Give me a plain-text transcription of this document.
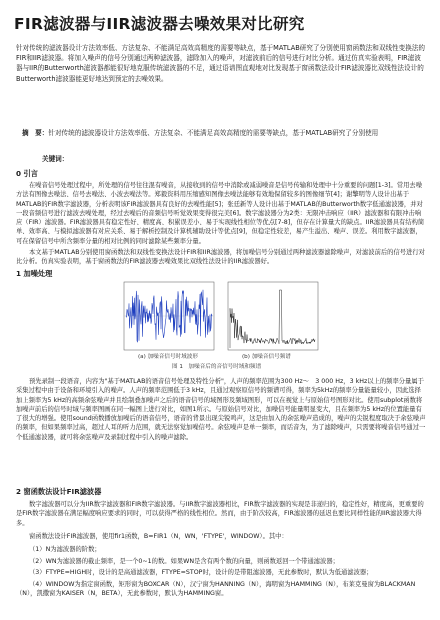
FIR滤波器与IIR滤波器去噪效果对比研究
针对传统的滤波器设计方法效率低、方法复杂、不能满足高效高精度的需要等缺点，基于MATLAB研究了分别使用窗函数法和双线性变换法的FIR和IIR滤波器。将加入噪声的信号分别通过两种滤波器，滤除加入的噪声，对滤波前后的信号进行对比分析。通过仿真实验表明，FIR滤波器与IIR的Butterworth滤波器都能很好地克服传统滤波器的不足，通过语谱图直观地对比发现基于窗函数法设计FIR滤波器比双线性法设计的Butterworth滤波器能更好地达到预定的去噪效果。
摘　要：针对传统的滤波器设计方法效率低、方法复杂、不能满足高效高精度的需要等缺点，基于MATLAB研究了分别使用
关键词：
0 引言
在噪音信号处理过程中，所处理的信号往往混有噪音，从接收到的信号中消除或减弱噪音是信号传输和处理中十分重要的问题[1-3]。常用去噪方法有图像去噪法、信号去噪法、小波去噪法等。郑毅资料用压缩感知图像去噪法能够有效地保留较多的图像细节[4]；谢擎明等人设计出基于MATLAB的FIR数字滤波器，分析表明该FIR滤波器具有良好的去噪性能[5]；张廷新等人设计出基于MATLAB的Butterworth数字低通滤波器，并对一段音频信号进行滤波去噪处理，经过去噪后的音频信号听觉效果变得很完美[6]。数字滤波器分为2类：无限冲击响应（IIR）滤波器和有限冲击响应（FIR）滤波器。FIR滤波器具有稳定性好、精度高、积累误差小、易于实现线性相位等优点[7-8]，但存在计算量大的缺点。IIR滤波器具有结构简单、效率高、与模拟滤波器有对应关系、易于解析控制及计算机辅助设计等优点[9]，但稳定性较差，易产生溢出、噪声、误差。利用数字滤波器，可在保留信号中所含频率分量的相对比例的同时滤除某些频率分量。
本文基于MATLAB分别使用窗函数法和双线性变换法设计FIR和IIR滤波器，将加噪信号分别通过两种滤波器滤除噪声，对滤波前后的信号进行对比分析。仿真实验表明，基于窗函数法的FIR滤波器去噪效果比双线性法设计的IIR滤波器好。
1 加噪处理
(a) 加噪音信号时域波形	(b) 加噪音信号频谱
图 1　加噪音后的音信号时域和频谱
预先录制一段语音，内容为"基于MATLAB的语音信号处理及特性分析"，人声的频率范围为300 Hz～　3 000 Hz，3 kHz以上的频率分量属于采集过程中由于设备和环境引入的噪声。人声的频率范围低于3 kHz，且通过观察原信号的频谱可得，频率为5kHz的频率分量能量较小，因此选择加上频率为5 kHz的高频余弦噪声并且绘制叠加噪声之后的语音信号的域图形及频域图形，可以在视觉上与原始信号图形对比。使用subplot函数将加噪声前后的信号时域与频率图画在同一幅图上进行对比，如图1所示。与原始信号对比，加噪信号能量明显变大，且在频率为5 kHz的位置能量有了很大的增强。使用sound函数播放加噪后的语音信号，语音的背景出现尖锐鸣声，这是由加入的余弦噪声造成的，噪声的尖锐程度取决于余弦噪声的频率，但如果频率过高，超过人耳的听力范围，就无法察觉加噪信号。余弦噪声是单一频率，而话音为，为了滤除噪声，只需要将噪音信号通过一个低通滤波器，就可将余弦噪声及录制过程中引入的噪声滤除。
2 窗函数法设计FIR滤波器
数字滤波器可以分为IIR数字滤波器和FIR数字滤波器。与IIR数字滤波器相比，FIR数字滤波器的实现是非递归的，稳定性好，精度高，更重要的是FIR数字滤波器在满足幅度响应要求的同时，可以获得严格的线性相位。然而，由于阶次较高，FIR滤波器的延迟也要比同样性能的IIR滤波器大得多。
窗函数法设计FIR滤波器，使用fir1函数，B=FIR1（N，WN，'FTYPE'，WINDOW）。其中：

（1）N为滤波器的阶数；

（2）WN为滤波器的截止频率，是一个0~1的数。如果WN是含有两个数的向量，则函数返回一个带通滤波器；

（3）FTYPE=HIGH时，设计的是高通滤波器，FTYPE=STOP时，设计的是带阻滤波器，无此参数时，默认为低通滤波器；

（4）WINDOW为指定窗函数，矩形窗为BOXCAR（N），汉宁窗为HANNING（N），海明窗为HAMMING（N），布莱克曼窗为BLACKMAN（N），凯撒窗为KAISER（N，BETA），无此参数时，默认为HAMMING窗。
